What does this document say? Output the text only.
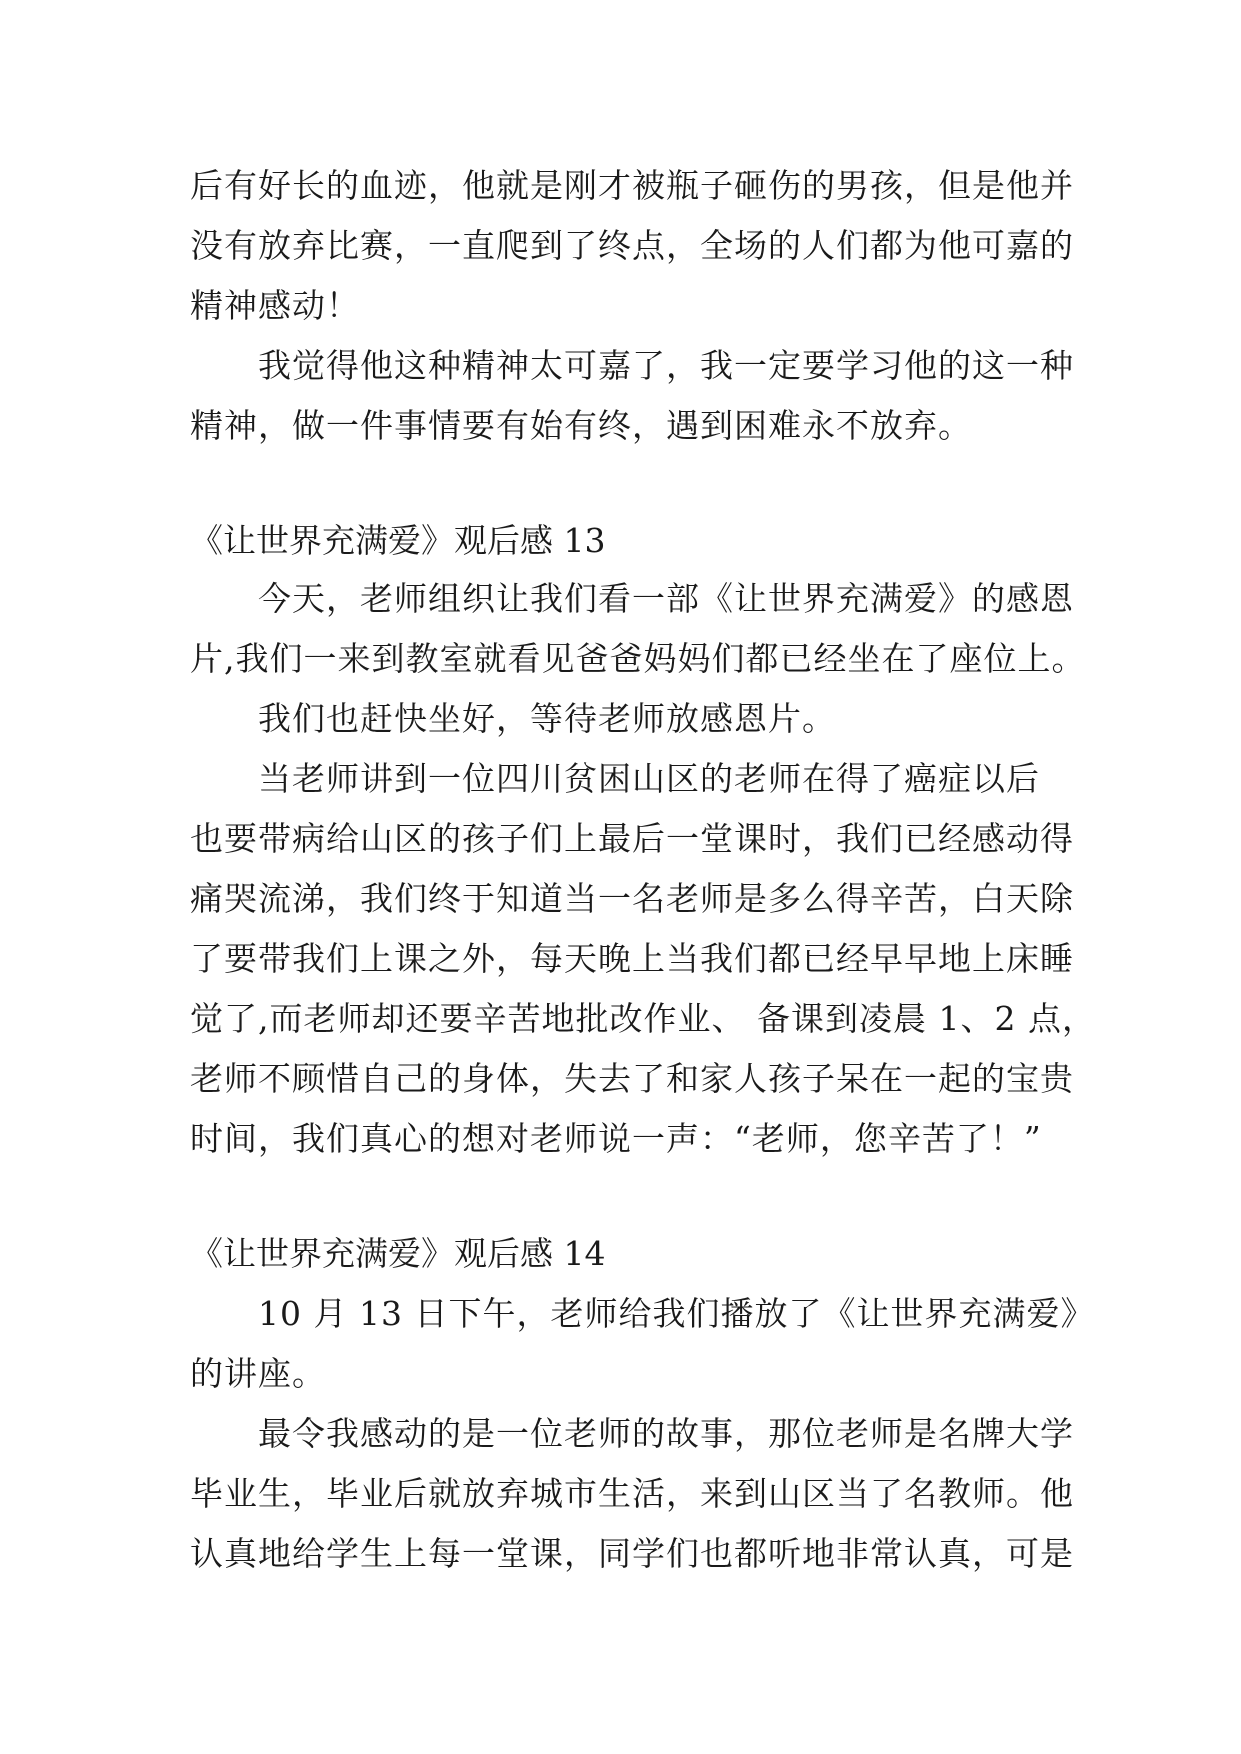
后有好长的血迹，他就是刚才被瓶子砸伤的男孩，但是他并
没有放弃比赛，一直爬到了终点，全场的人们都为他可嘉的
精神感动！
我觉得他这种精神太可嘉了，我一定要学习他的这一种
精神，做一件事情要有始有终，遇到困难永不放弃。
《让世界充满爱》观后感 13
今天，老师组织让我们看一部《让世界充满爱》的感恩
片,我们一来到教室就看见爸爸妈妈们都已经坐在了座位上。
我们也赶快坐好，等待老师放感恩片。
当老师讲到一位四川贫困山区的老师在得了癌症以后
也要带病给山区的孩子们上最后一堂课时，我们已经感动得
痛哭流涕，我们终于知道当一名老师是多么得辛苦，白天除
了要带我们上课之外，每天晚上当我们都已经早早地上床睡
觉了,而老师却还要辛苦地批改作业、 备课到凌晨 1、2 点，
老师不顾惜自己的身体，失去了和家人孩子呆在一起的宝贵
时间，我们真心的想对老师说一声：“老师，您辛苦了！”
《让世界充满爱》观后感 14
10 月 13 日下午，老师给我们播放了《让世界充满爱》
的讲座。
最令我感动的是一位老师的故事，那位老师是名牌大学
毕业生，毕业后就放弃城市生活，来到山区当了名教师。他
认真地给学生上每一堂课，同学们也都听地非常认真，可是
